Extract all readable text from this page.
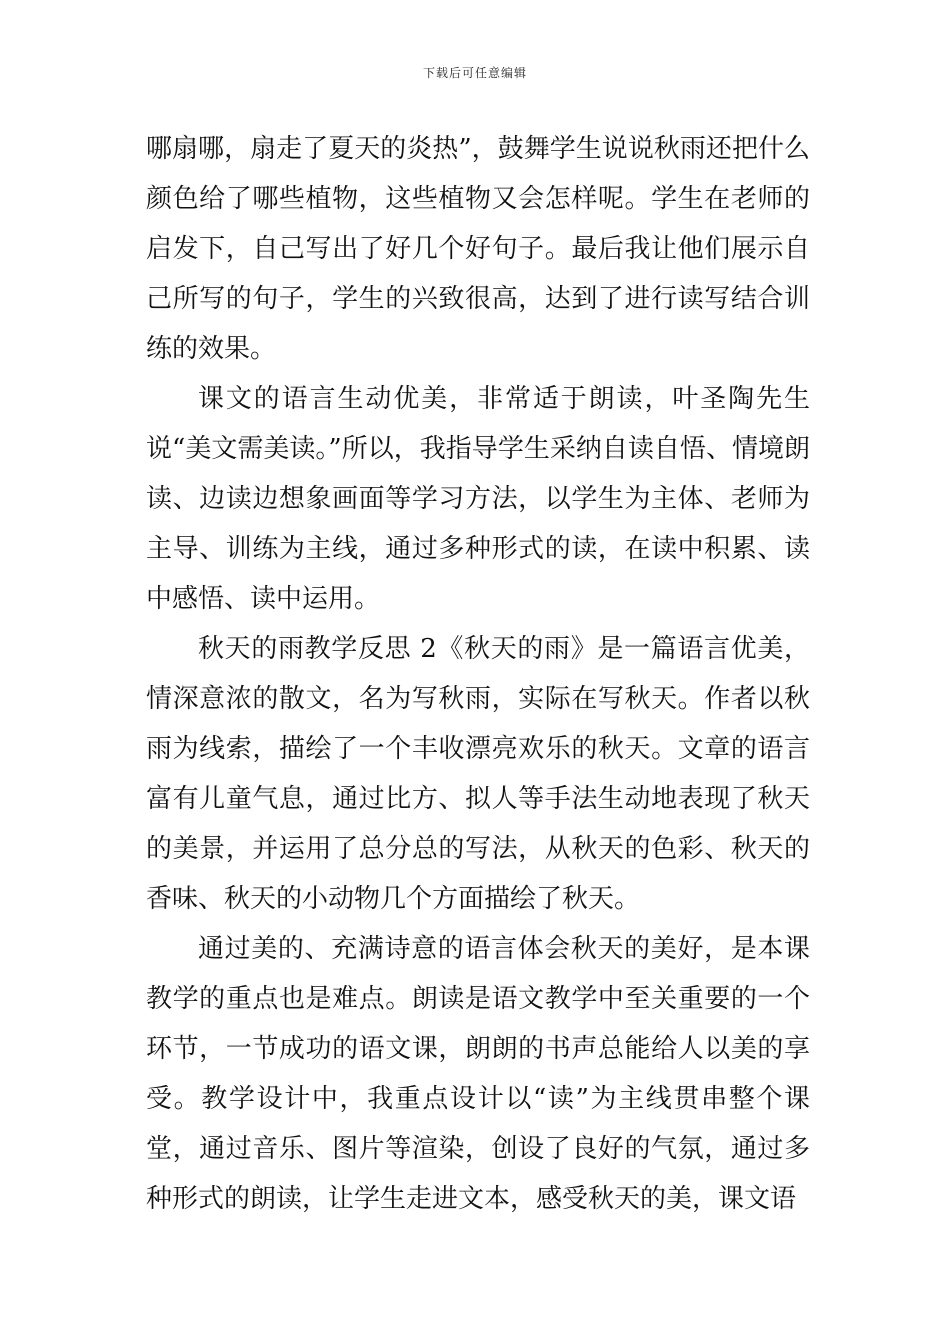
下载后可任意编辑

哪扇哪，扇走了夏天的炎热”，鼓舞学生说说秋雨还把什么颜色给了哪些植物，这些植物又会怎样呢。学生在老师的启发下，自己写出了好几个好句子。最后我让他们展示自己所写的句子，学生的兴致很高，达到了进行读写结合训练的效果。

课文的语言生动优美，非常适于朗读，叶圣陶先生说“美文需美读。”所以，我指导学生采纳自读自悟、情境朗读、边读边想象画面等学习方法，以学生为主体、老师为主导、训练为主线，通过多种形式的读，在读中积累、读中感悟、读中运用。

秋天的雨教学反思 2《秋天的雨》是一篇语言优美，情深意浓的散文，名为写秋雨，实际在写秋天。作者以秋雨为线索，描绘了一个丰收漂亮欢乐的秋天。文章的语言富有儿童气息，通过比方、拟人等手法生动地表现了秋天的美景，并运用了总分总的写法，从秋天的色彩、秋天的香味、秋天的小动物几个方面描绘了秋天。

通过美的、充满诗意的语言体会秋天的美好，是本课教学的重点也是难点。朗读是语文教学中至关重要的一个环节，一节成功的语文课，朗朗的书声总能给人以美的享受。教学设计中，我重点设计以“读”为主线贯串整个课堂，通过音乐、图片等渲染，创设了良好的气氛，通过多种形式的朗读，让学生走进文本，感受秋天的美，课文语
